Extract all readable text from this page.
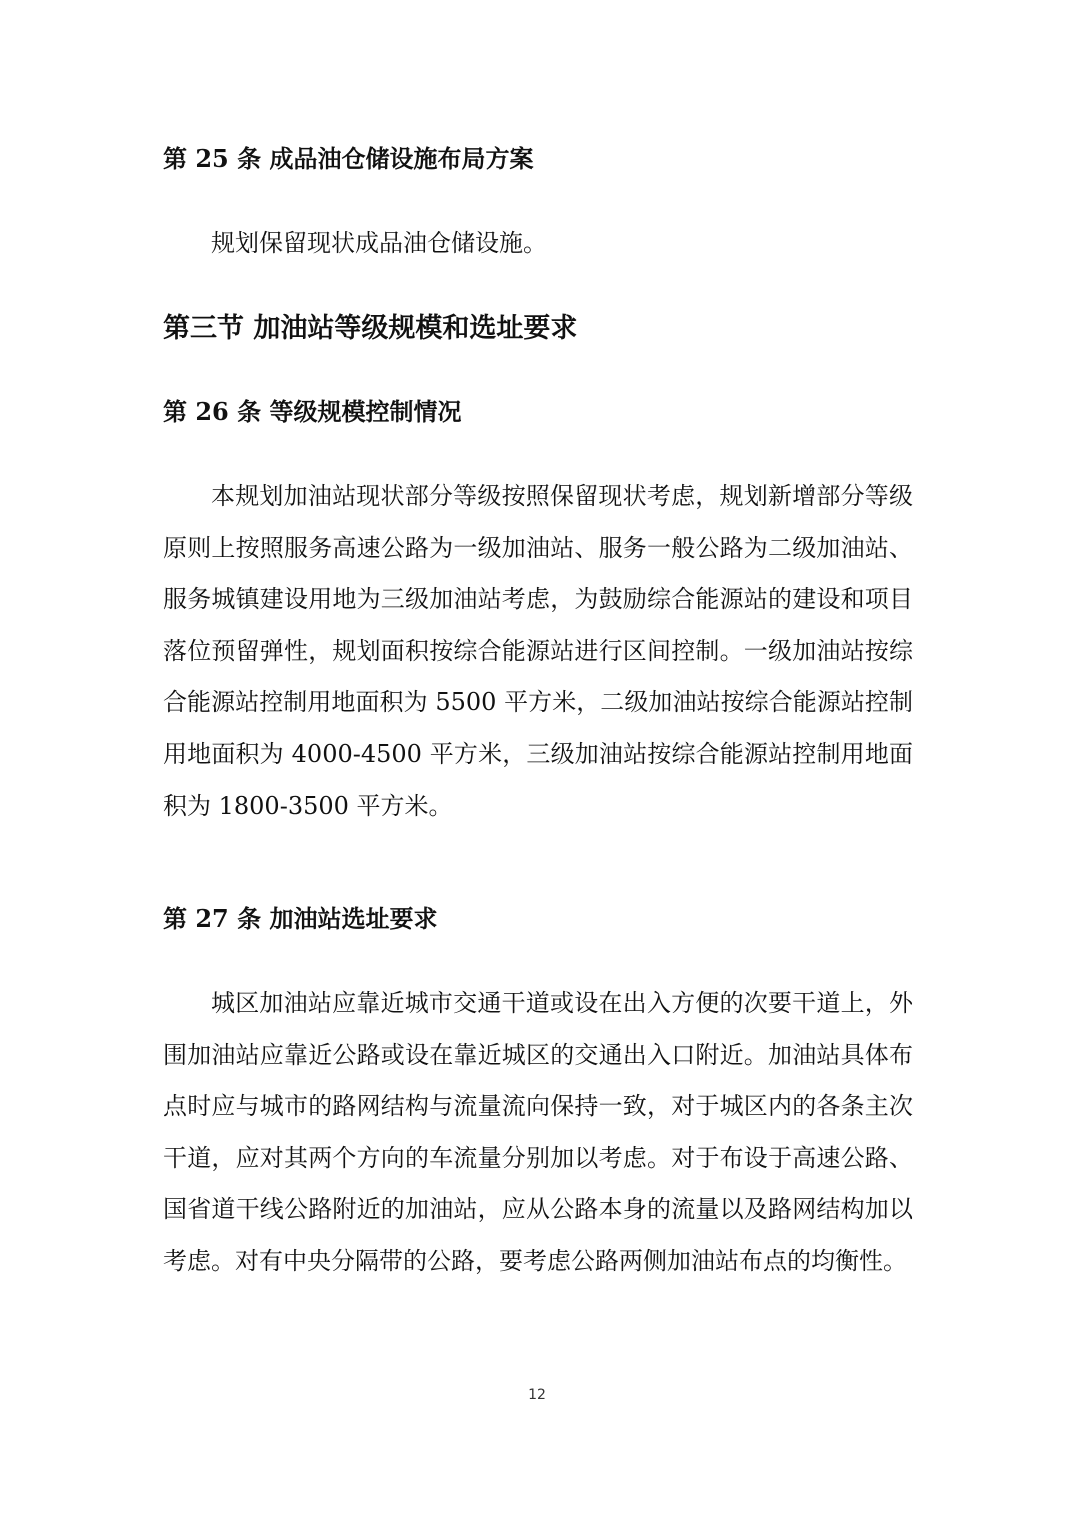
第 25 条 成品油仓储设施布局方案

规划保留现状成品油仓储设施。

第三节 加油站等级规模和选址要求
第 26 条 等级规模控制情况

本规划加油站现状部分等级按照保留现状考虑，规划新增部分等级原则上按照服务高速公路为一级加油站、服务一般公路为二级加油站、服务城镇建设用地为三级加油站考虑，为鼓励综合能源站的建设和项目落位预留弹性，规划面积按综合能源站进行区间控制。一级加油站按综合能源站控制用地面积为 5500 平方米，二级加油站按综合能源站控制用地面积为 4000-4500 平方米，三级加油站按综合能源站控制用地面积为 1800-3500 平方米。

第 27 条 加油站选址要求

城区加油站应靠近城市交通干道或设在出入方便的次要干道上，外围加油站应靠近公路或设在靠近城区的交通出入口附近。加油站具体布点时应与城市的路网结构与流量流向保持一致，对于城区内的各条主次干道，应对其两个方向的车流量分别加以考虑。对于布设于高速公路、国省道干线公路附近的加油站，应从公路本身的流量以及路网结构加以考虑。对有中央分隔带的公路，要考虑公路两侧加油站布点的均衡性。

12
